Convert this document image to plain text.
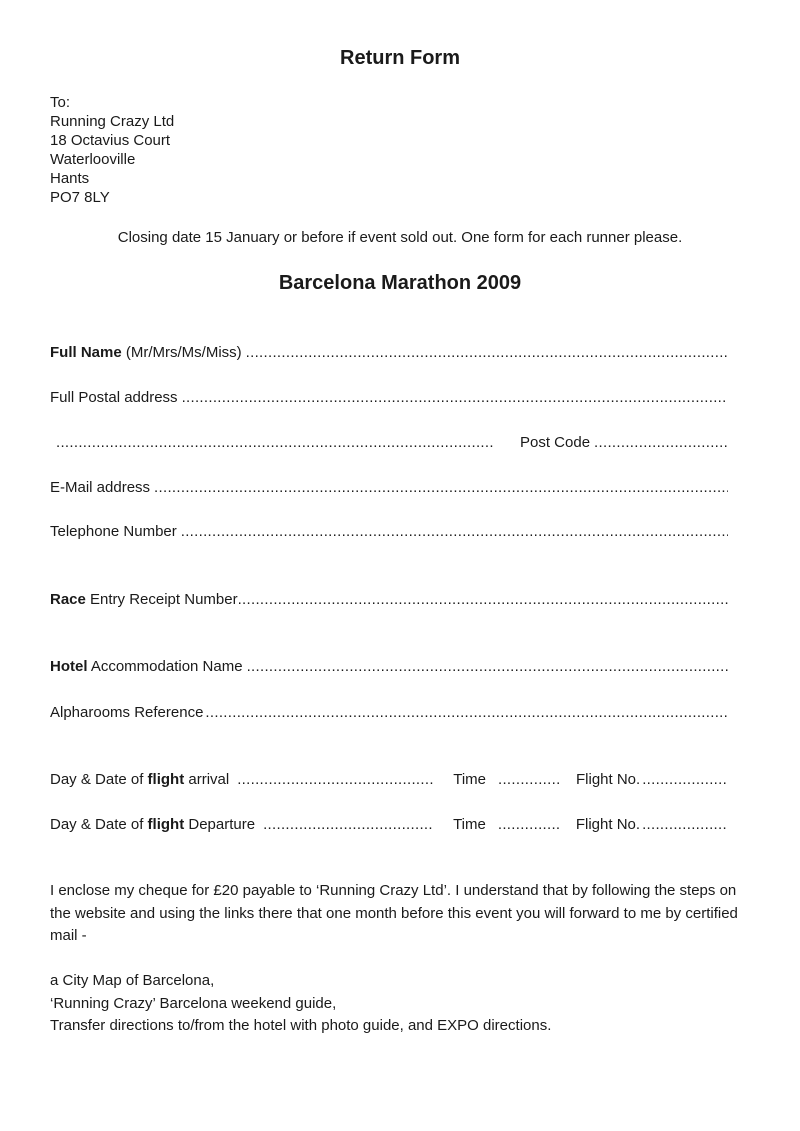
Return Form
To:
Running Crazy Ltd
18 Octavius Court
Waterlooville
Hants
PO7 8LY
Closing date 15 January or before if event sold out. One form for each runner please.
Barcelona Marathon 2009
Full Name (Mr/Mrs/Ms/Miss)
.....
Full Postal address
.....
.....
Post Code
.....
E-Mail address
.....
Telephone Number
.....
Race Entry Receipt Number
.....
Hotel Accommodation Name
.....
Alpharooms Reference
.....
Day & Date of flight arrival .....	Time .....	Flight No.
.....
Day & Date of flight Departure .....	Time .....	Flight No.
.....
I enclose my cheque for £20 payable to ‘Running Crazy Ltd’. I understand that by following the steps on the website and using the links there that one month before this event you will forward to me by certified mail -
a City Map of Barcelona,
‘Running Crazy’ Barcelona weekend guide,
Transfer directions to/from the hotel with photo guide, and EXPO directions.
